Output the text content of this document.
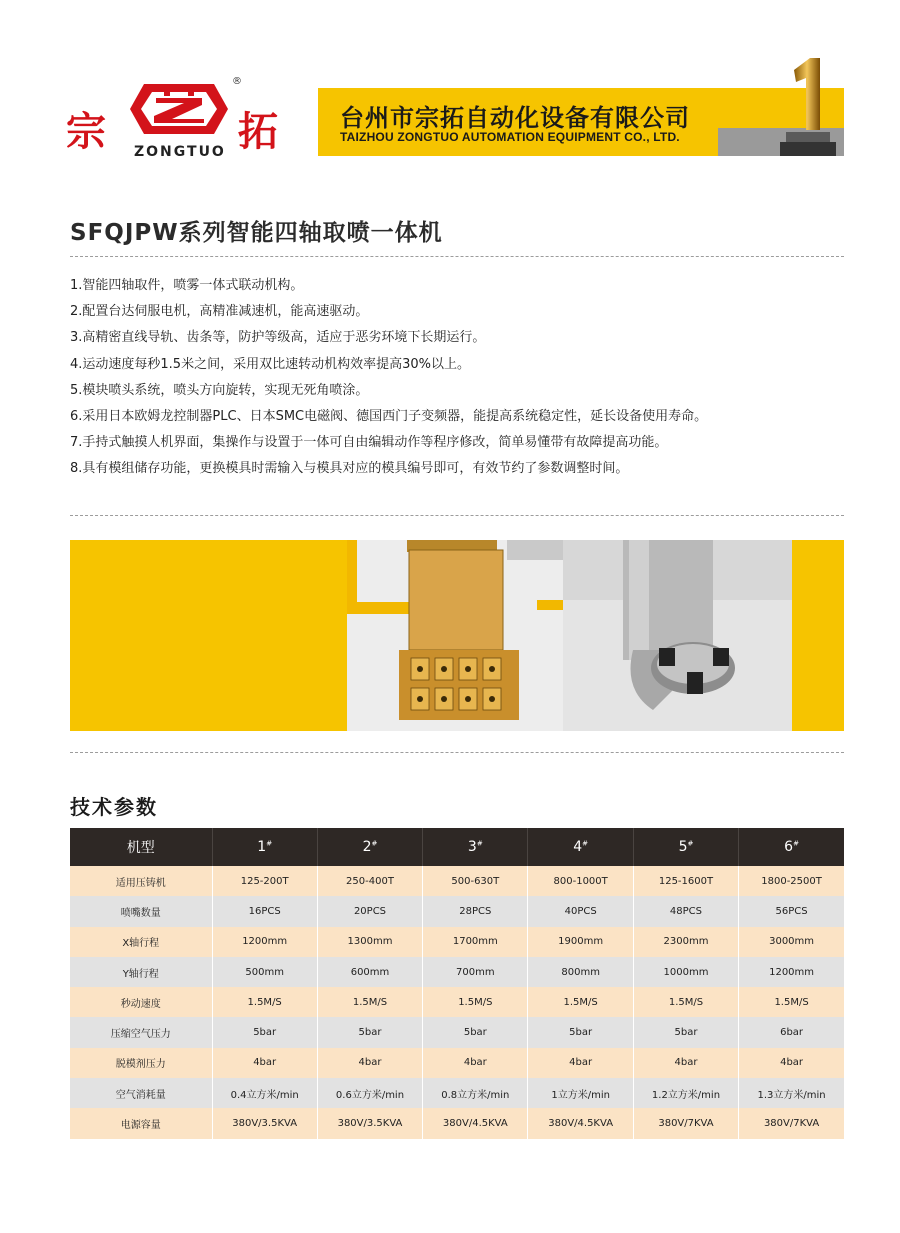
宗
®
拓
ZONGTUO
台州市宗拓自动化设备有限公司
TAIZHOU ZONGTUO AUTOMATION EQUIPMENT CO., LTD.
SFQJPW系列智能四轴取喷一体机
1.智能四轴取件，喷雾一体式联动机构。
2.配置台达伺服电机，高精准减速机，能高速驱动。
3.高精密直线导轨、齿条等，防护等级高，适应于恶劣环境下长期运行。
4.运动速度每秒1.5米之间，采用双比速转动机构效率提高30%以上。
5.模块喷头系统，喷头方向旋转，实现无死角喷涂。
6.采用日本欧姆龙控制器PLC、日本SMC电磁阀、德国西门子变频器，能提高系统稳定性，延长设备使用寿命。
7.手持式触摸人机界面，集操作与设置于一体可自由编辑动作等程序修改，简单易懂带有故障提高功能。
8.具有模组储存功能，更换模具时需输入与模具对应的模具编号即可，有效节约了参数调整时间。
技术参数
机型	1#	2#	3#	4#	5#	6#
适用压铸机	125-200T	250-400T	500-630T	800-1000T	125-1600T	1800-2500T
喷嘴数量	16PCS	20PCS	28PCS	40PCS	48PCS	56PCS
X轴行程	1200mm	1300mm	1700mm	1900mm	2300mm	3000mm
Y轴行程	500mm	600mm	700mm	800mm	1000mm	1200mm
秒动速度	1.5M/S	1.5M/S	1.5M/S	1.5M/S	1.5M/S	1.5M/S
压缩空气压力	5bar	5bar	5bar	5bar	5bar	6bar
脱模剂压力	4bar	4bar	4bar	4bar	4bar	4bar
空气消耗量	0.4立方米/min	0.6立方米/min	0.8立方米/min	1立方米/min	1.2立方米/min	1.3立方米/min
电源容量	380V/3.5KVA	380V/3.5KVA	380V/4.5KVA	380V/4.5KVA	380V/7KVA	380V/7KVA
